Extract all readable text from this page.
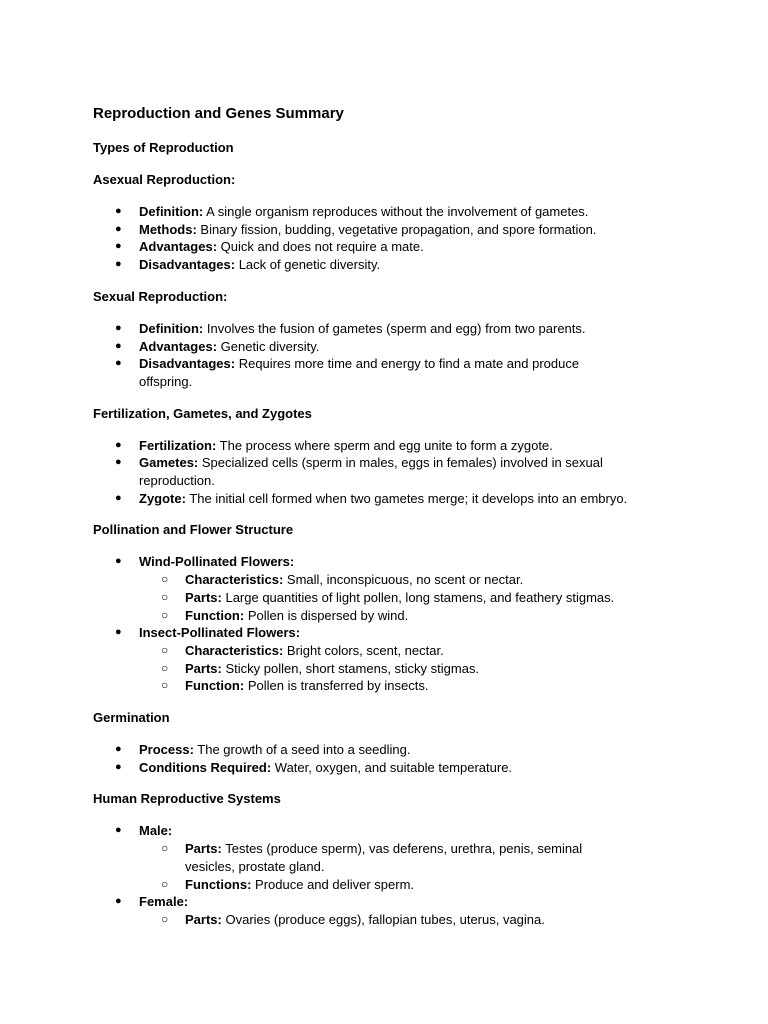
Reproduction and Genes Summary
Types of Reproduction
Asexual Reproduction:
● Definition: A single organism reproduces without the involvement of gametes.
● Methods: Binary fission, budding, vegetative propagation, and spore formation.
● Advantages: Quick and does not require a mate.
● Disadvantages: Lack of genetic diversity.
Sexual Reproduction:
● Definition: Involves the fusion of gametes (sperm and egg) from two parents.
● Advantages: Genetic diversity.
● Disadvantages: Requires more time and energy to find a mate and produce offspring.
Fertilization, Gametes, and Zygotes
● Fertilization: The process where sperm and egg unite to form a zygote.
● Gametes: Specialized cells (sperm in males, eggs in females) involved in sexual reproduction.
● Zygote: The initial cell formed when two gametes merge; it develops into an embryo.
Pollination and Flower Structure
● Wind-Pollinated Flowers:
○ Characteristics: Small, inconspicuous, no scent or nectar.
○ Parts: Large quantities of light pollen, long stamens, and feathery stigmas.
○ Function: Pollen is dispersed by wind.
● Insect-Pollinated Flowers:
○ Characteristics: Bright colors, scent, nectar.
○ Parts: Sticky pollen, short stamens, sticky stigmas.
○ Function: Pollen is transferred by insects.
Germination
● Process: The growth of a seed into a seedling.
● Conditions Required: Water, oxygen, and suitable temperature.
Human Reproductive Systems
● Male:
○ Parts: Testes (produce sperm), vas deferens, urethra, penis, seminal vesicles, prostate gland.
○ Functions: Produce and deliver sperm.
● Female:
○ Parts: Ovaries (produce eggs), fallopian tubes, uterus, vagina.
